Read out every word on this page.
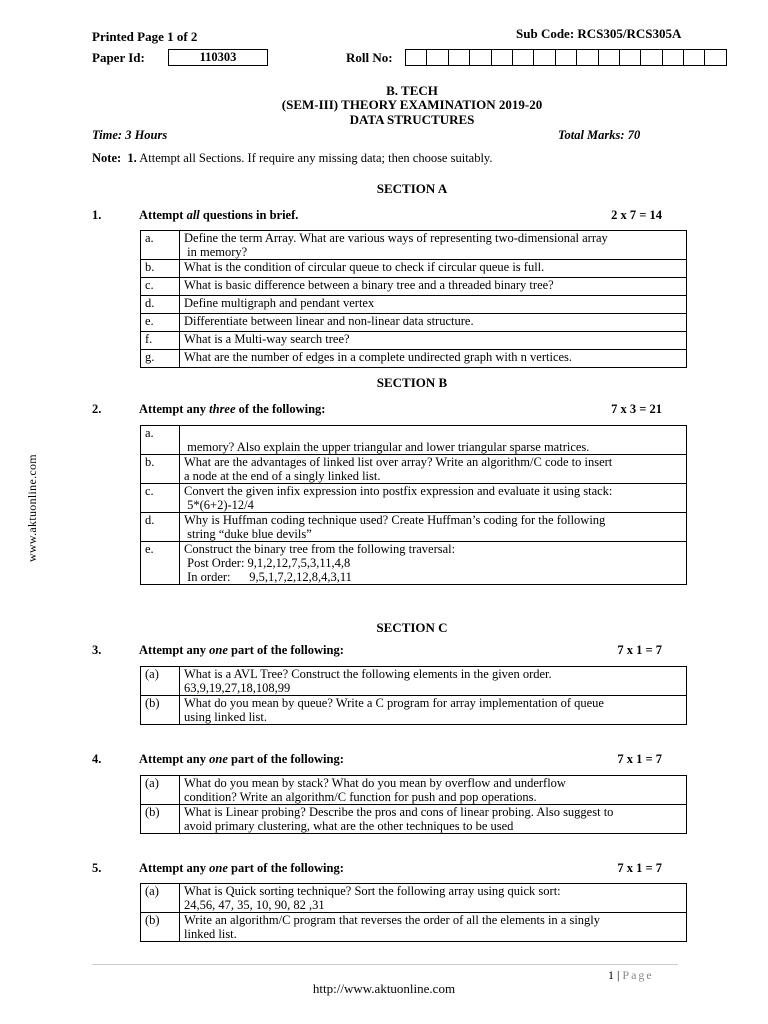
www.aktuonline.com
Printed Page 1 of 2	Sub Code: RCS305/RCS305A
Paper Id:	110303	Roll No:
B. TECH
(SEM-III) THEORY EXAMINATION 2019-20
DATA STRUCTURES
Time: 3 Hours	Total Marks: 70
Note: 1. Attempt all Sections. If require any missing data; then choose suitably.
SECTION A
1.	Attempt all questions in brief.	2 x 7 = 14
a.	Define the term Array. What are various ways of representing two-dimensional array
in memory?
b.	What is the condition of circular queue to check if circular queue is full.
c.	What is basic difference between a binary tree and a threaded binary tree?
d.	Define multigraph and pendant vertex
e.	Differentiate between linear and non-linear data structure.
f.	What is a Multi-way search tree?
g.	What are the number of edges in a complete undirected graph with n vertices.
SECTION B
2.	Attempt any three of the following:	7 x 3 = 21
a.	memory? Also explain the upper triangular and lower triangular sparse matrices.
b.	What are the advantages of linked list over array? Write an algorithm/C code to insert
a node at the end of a singly linked list.
c.	Convert the given infix expression into postfix expression and evaluate it using stack:
5*(6+2)-12/4
d.	Why is Huffman coding technique used? Create Huffman’s coding for the following
string “duke blue devils”
e.	Construct the binary tree from the following traversal:
Post Order: 9,1,2,12,7,5,3,11,4,8
In order:      9,5,1,7,2,12,8,4,3,11
SECTION C
3.	Attempt any one part of the following:	7 x 1 = 7
(a)	What is a AVL Tree? Construct the following elements in the given order.
63,9,19,27,18,108,99
(b)	What do you mean by queue? Write a C program for array implementation of queue
using linked list.
4.	Attempt any one part of the following:	7 x 1 = 7
(a)	What do you mean by stack? What do you mean by overflow and underflow
condition? Write an algorithm/C function for push and pop operations.
(b)	What is Linear probing? Describe the pros and cons of linear probing. Also suggest to
avoid primary clustering, what are the other techniques to be used
5.	Attempt any one part of the following:	7 x 1 = 7
(a)	What is Quick sorting technique? Sort the following array using quick sort:
24,56, 47, 35, 10, 90, 82 ,31
(b)	Write an algorithm/C program that reverses the order of all the elements in a singly
linked list.
1 | Page
http://www.aktuonline.com
